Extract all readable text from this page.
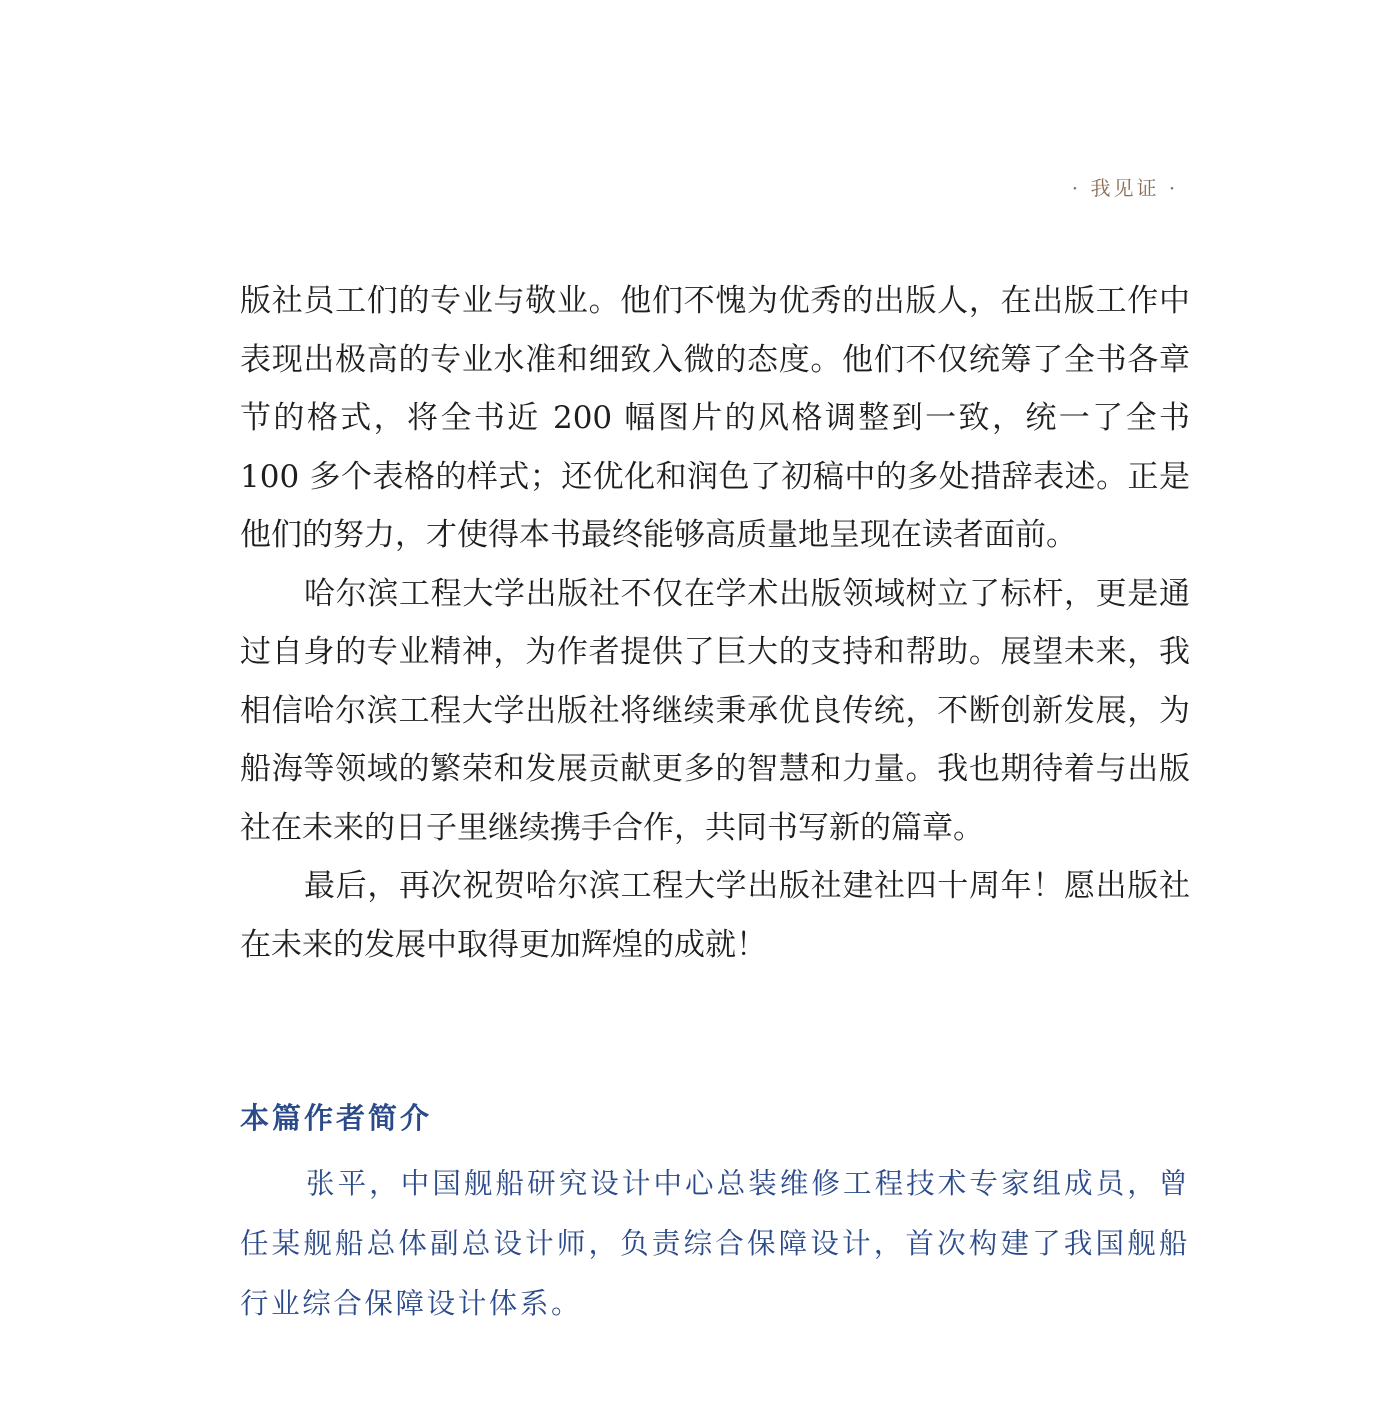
· 我见证 ·

版社员工们的专业与敬业。他们不愧为优秀的出版人，在出版工作中表现出极高的专业水准和细致入微的态度。他们不仅统筹了全书各章节的格式，将全书近 200 幅图片的风格调整到一致，统一了全书 100 多个表格的样式；还优化和润色了初稿中的多处措辞表述。正是他们的努力，才使得本书最终能够高质量地呈现在读者面前。

哈尔滨工程大学出版社不仅在学术出版领域树立了标杆，更是通过自身的专业精神，为作者提供了巨大的支持和帮助。展望未来，我相信哈尔滨工程大学出版社将继续秉承优良传统，不断创新发展，为船海等领域的繁荣和发展贡献更多的智慧和力量。我也期待着与出版社在未来的日子里继续携手合作，共同书写新的篇章。

最后，再次祝贺哈尔滨工程大学出版社建社四十周年！愿出版社在未来的发展中取得更加辉煌的成就！

本篇作者简介

张平，中国舰船研究设计中心总装维修工程技术专家组成员，曾任某舰船总体副总设计师，负责综合保障设计，首次构建了我国舰船行业综合保障设计体系。
